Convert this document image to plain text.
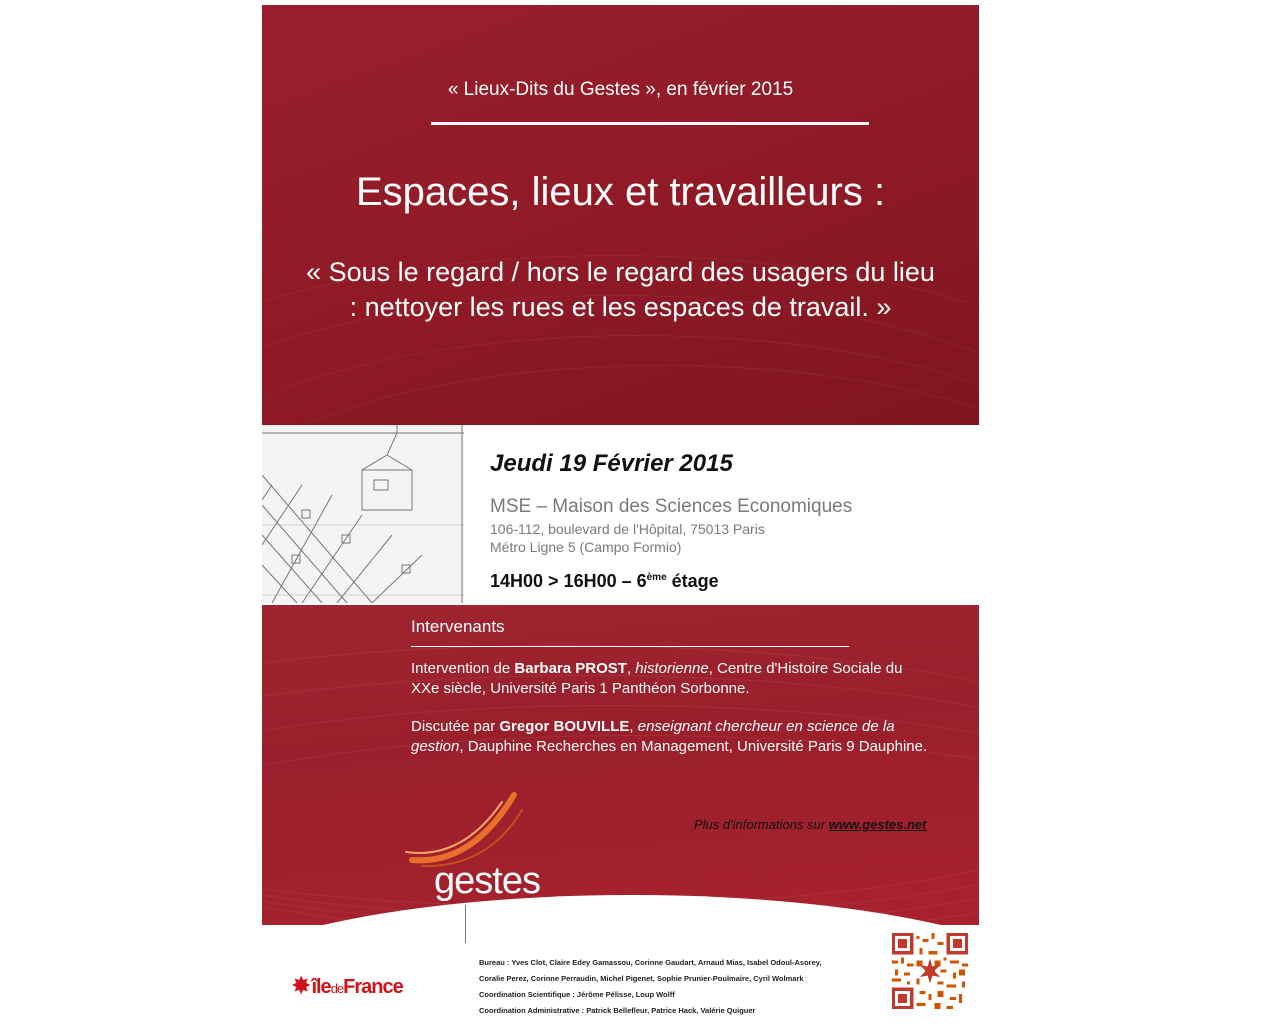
« Lieux-Dits du Gestes », en février 2015
Espaces, lieux et travailleurs :
« Sous le regard / hors le regard des usagers du lieu : nettoyer les rues et les espaces de travail. »
Jeudi 19 Février 2015
MSE – Maison des Sciences Economiques
106-112, boulevard de l'Hôpital, 75013 Paris
Métro Ligne 5 (Campo Formio)
14H00 > 16H00 – 6ème étage
Intervenants
Intervention de Barbara PROST, historienne, Centre d'Histoire Sociale du XXe siècle, Université Paris 1 Panthéon Sorbonne.
Discutée par Gregor BOUVILLE, enseignant chercheur en science de la gestion, Dauphine Recherches en Management, Université Paris 9 Dauphine.
Plus d'informations sur www.gestes.net
gestes
Groupe d'études sur le travail
et la souffrance au travail
✸ îledeFrance
Bureau : Yves Clot, Claire Edey Gamassou, Corinne Gaudart, Arnaud Mias, Isabel Odoul-Asorey,
Coralie Perez, Corinne Perraudin, Michel Pigenet, Sophie Prunier-Poulmaire, Cyril Wolmark
Coordination Scientifique : Jérôme Pélisse, Loup Wolff
Coordination Administrative : Patrick Bellefleur, Patrice Hack, Valérie Quiguer
